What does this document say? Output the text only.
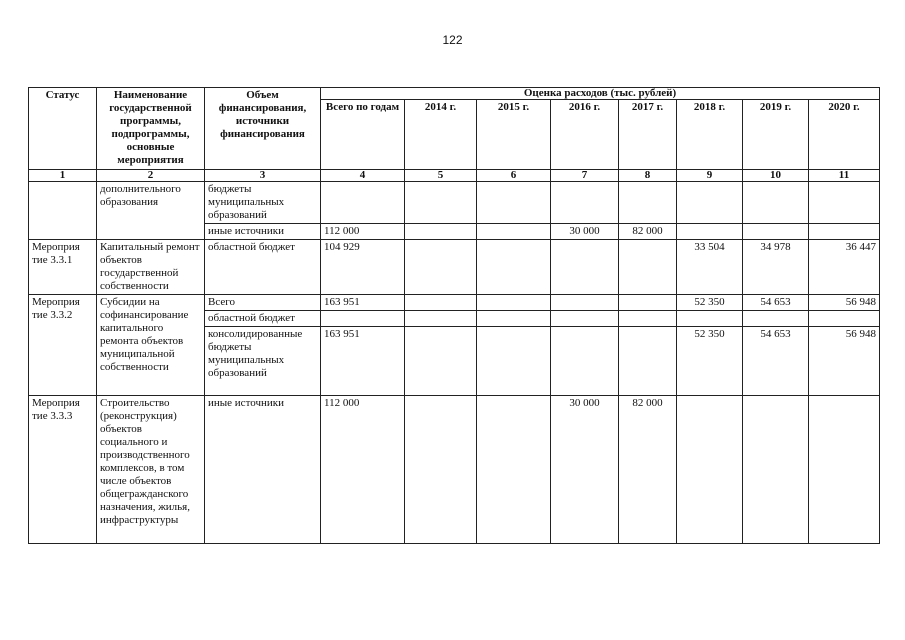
122
Статус	Наименование государственной программы, подпрограммы, основные мероприятия	Объем финансирования, источники финансирования	Оценка расходов (тыс. рублей)							
			Всего по годам	2014 г.	2015 г.	2016 г.	2017 г.	2018 г.	2019 г.	2020 г.
1	2	3	4	5	6	7	8	9	10	11
	дополнительного образования	бюджеты муниципальных образований								
		иные источники	112 000			30 000	82 000			
Мероприя тие 3.3.1	Капитальный ремонт объектов государственной собственности	областной бюджет	104 929					33 504	34 978	36 447
Мероприя тие 3.3.2	Субсидии на софинансирование капитального ремонта объектов муниципальной собственности	Всего	163 951					52 350	54 653	56 948
		областной бюджет								
		консолидированные бюджеты муниципальных образований	163 951					52 350	54 653	56 948
Мероприя тие 3.3.3	Строительство (реконструкция) объектов социального и производственного комплексов, в том числе объектов общегражданского назначения, жилья, инфраструктуры	иные источники	112 000			30 000	82 000			
